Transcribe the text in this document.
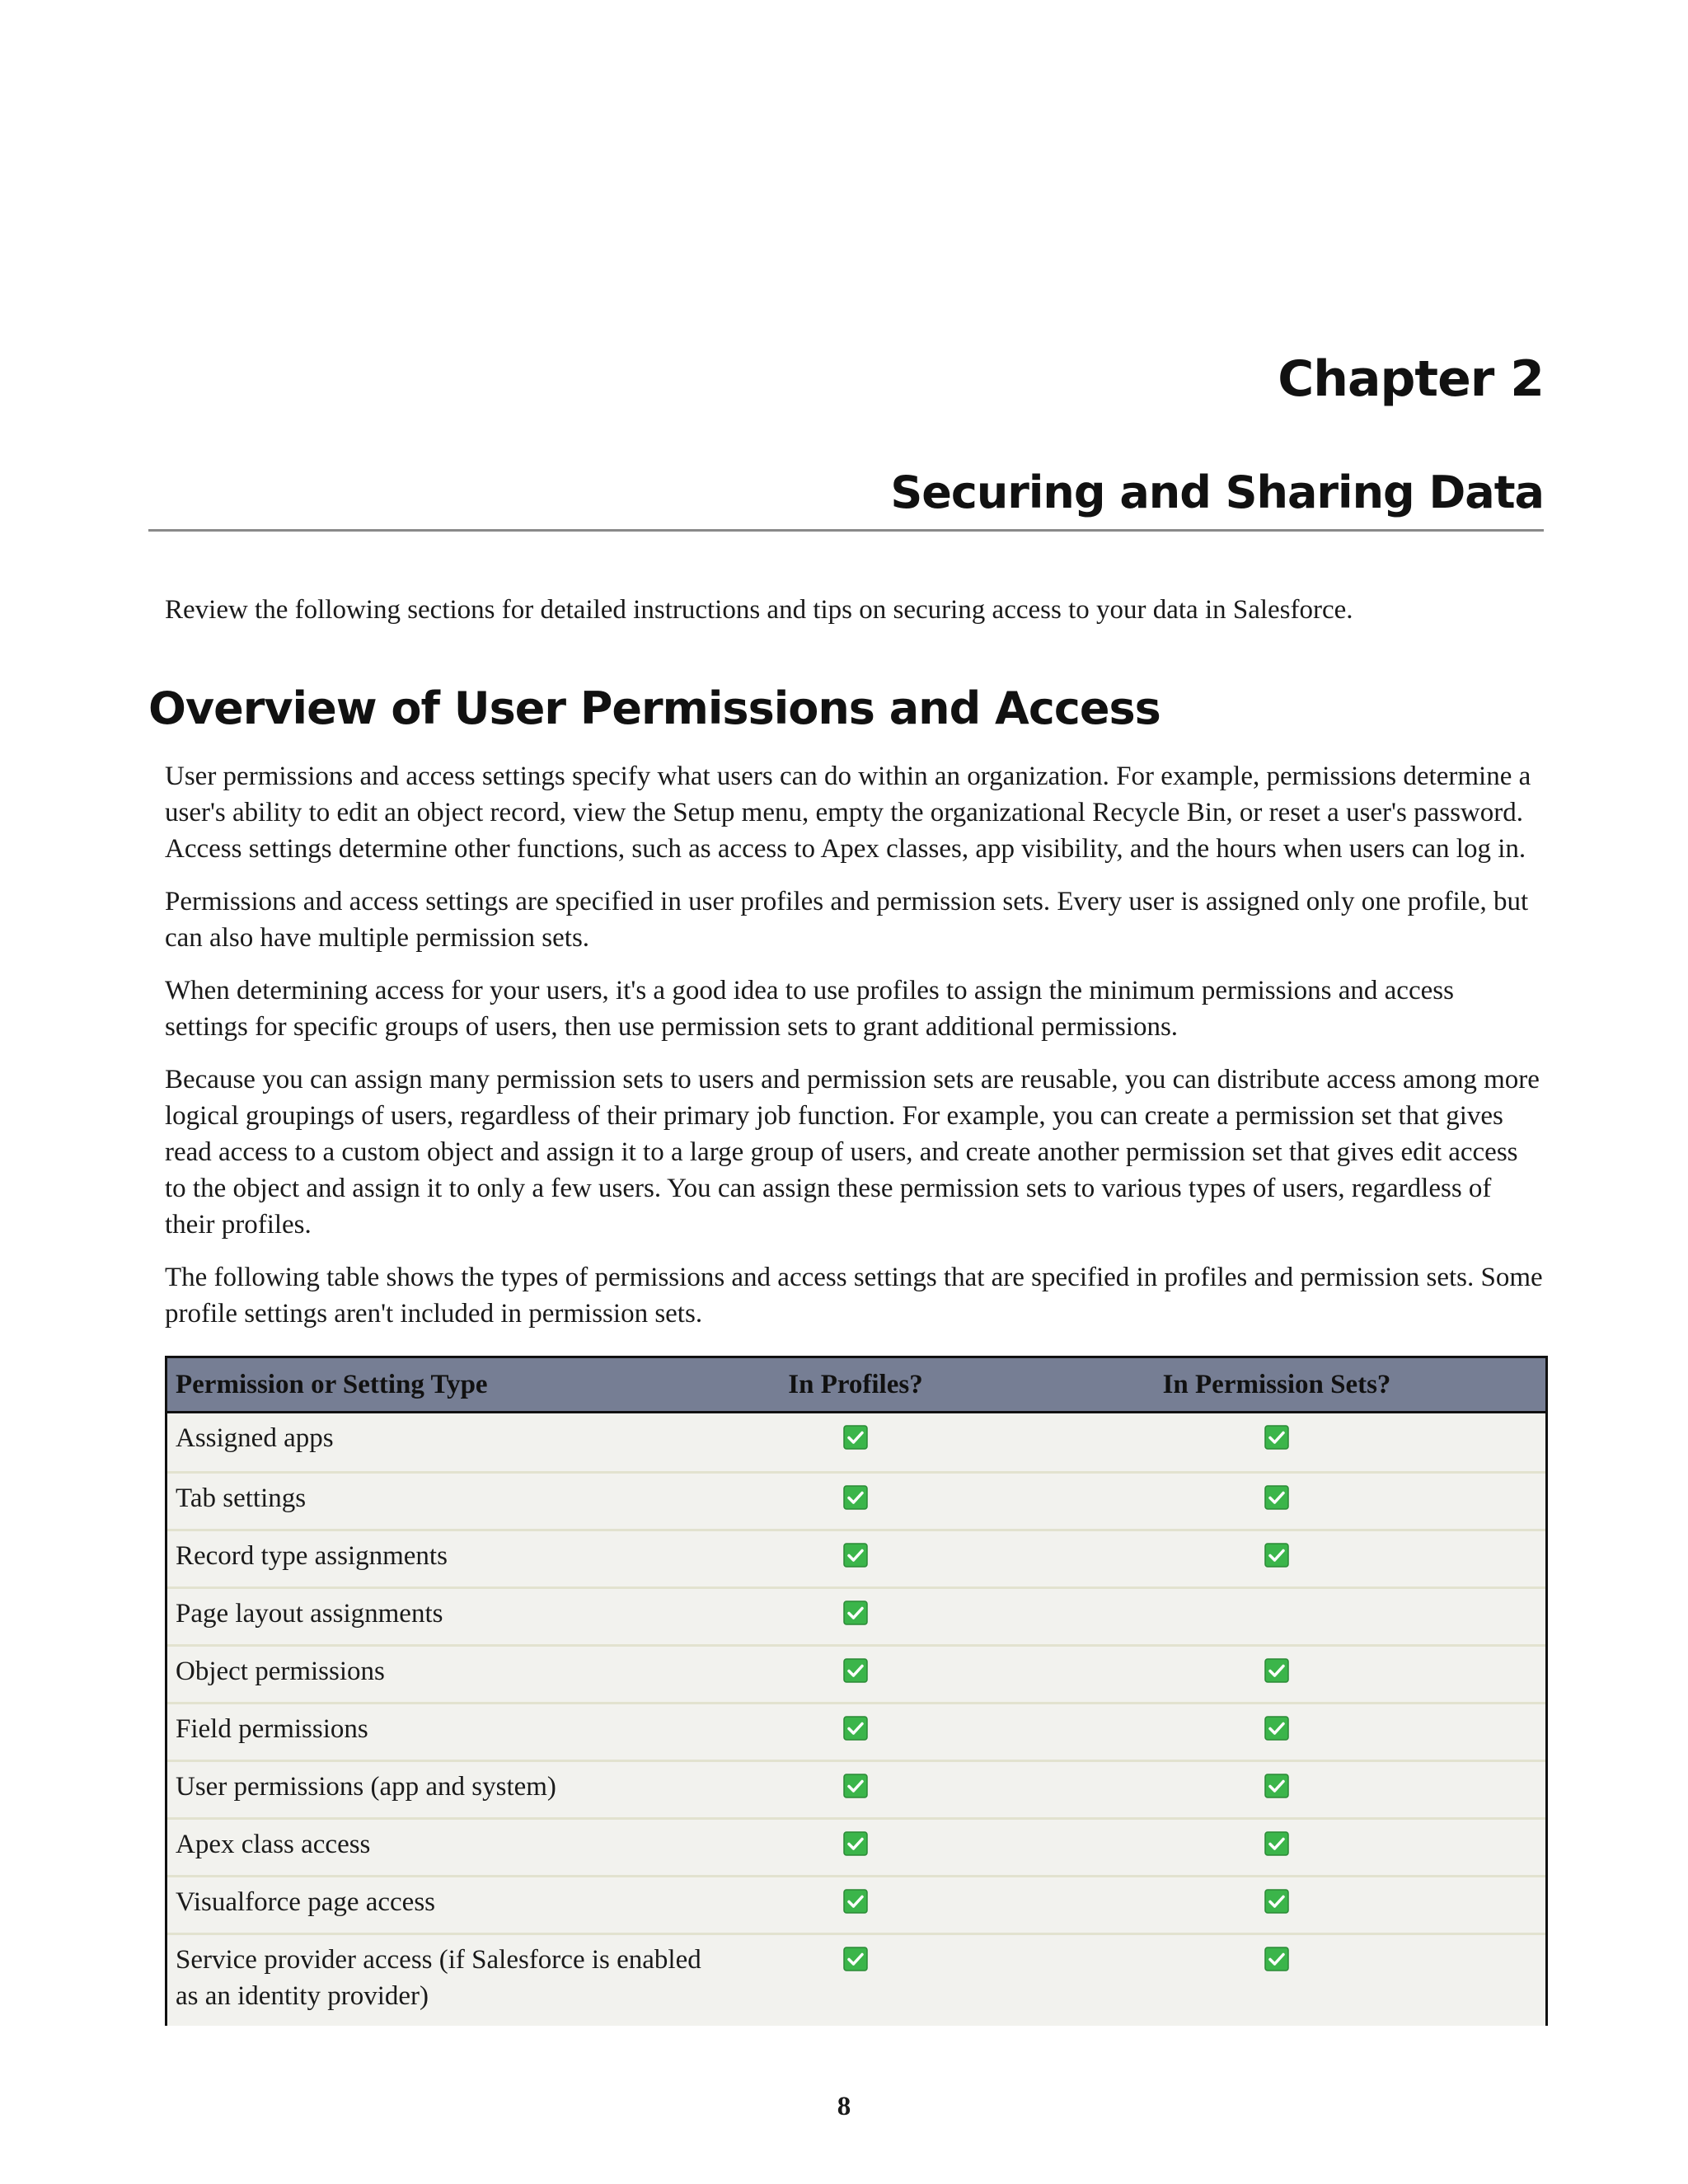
Chapter 2
Securing and Sharing Data
Review the following sections for detailed instructions and tips on securing access to your data in Salesforce.
Overview of User Permissions and Access

User permissions and access settings specify what users can do within an organization. For example, permissions determine a user's ability to edit an object record, view the Setup menu, empty the organizational Recycle Bin, or reset a user's password. Access settings determine other functions, such as access to Apex classes, app visibility, and the hours when users can log in.

Permissions and access settings are specified in user profiles and permission sets. Every user is assigned only one profile, but can also have multiple permission sets.

When determining access for your users, it's a good idea to use profiles to assign the minimum permissions and access settings for specific groups of users, then use permission sets to grant additional permissions.

Because you can assign many permission sets to users and permission sets are reusable, you can distribute access among more logical groupings of users, regardless of their primary job function. For example, you can create a permission set that gives read access to a custom object and assign it to a large group of users, and create another permission set that gives edit access to the object and assign it to only a few users. You can assign these permission sets to various types of users, regardless of their profiles.

The following table shows the types of permissions and access settings that are specified in profiles and permission sets. Some profile settings aren't included in permission sets.

Permission or Setting Type	In Profiles?	In Permission Sets?
Assigned apps
Tab settings
Record type assignments
Page layout assignments
Object permissions
Field permissions
User permissions (app and system)
Apex class access
Visualforce page access
Service provider access (if Salesforce is enabled as an identity provider)
8
